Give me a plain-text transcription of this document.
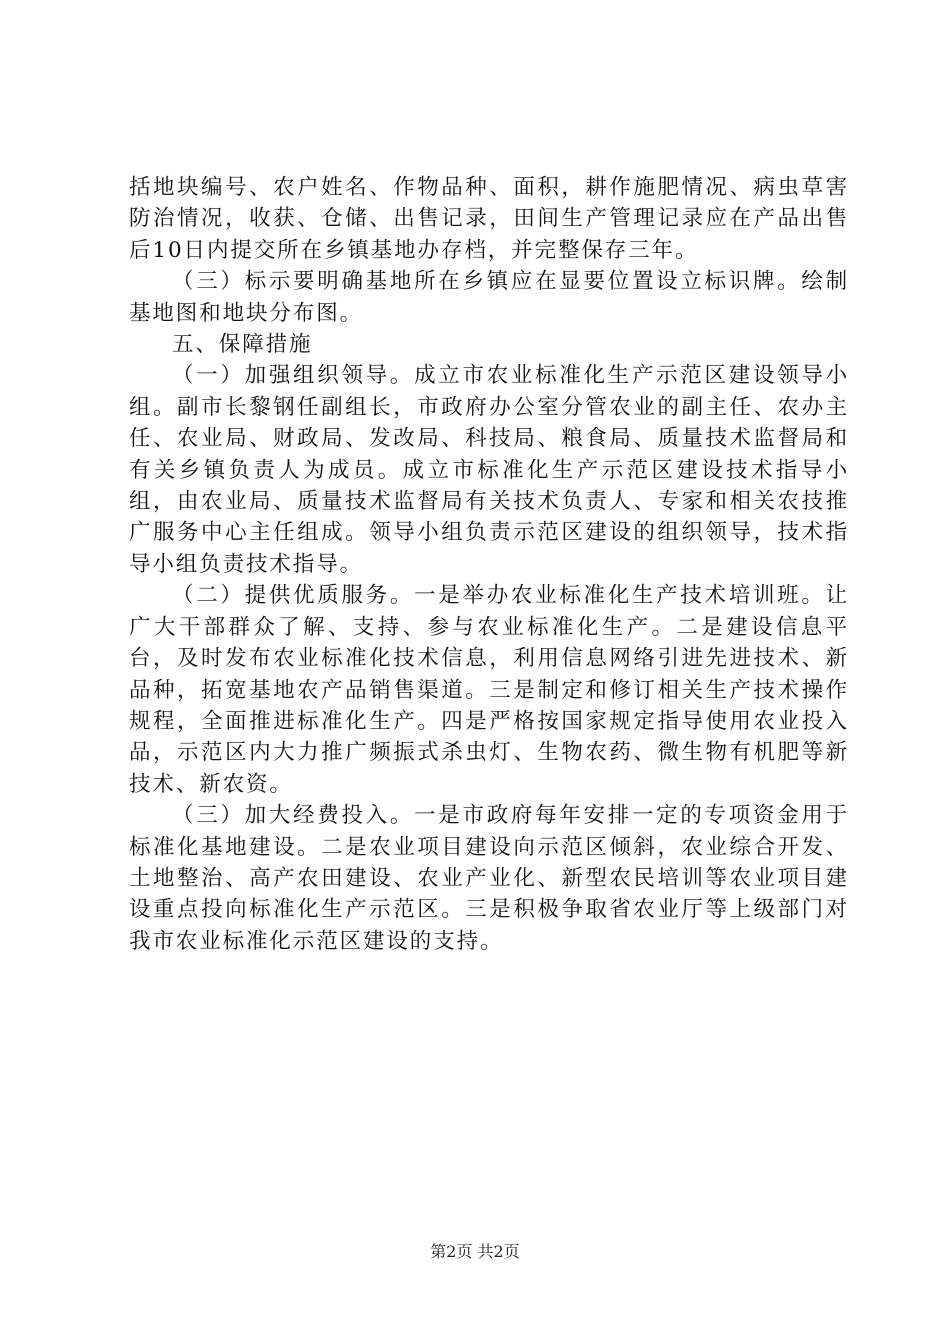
括地块编号、农户姓名、作物品种、面积，耕作施肥情况、病虫草害防治情况，收获、仓储、出售记录，田间生产管理记录应在产品出售后10日内提交所在乡镇基地办存档，并完整保存三年。

（三）标示要明确基地所在乡镇应在显要位置设立标识牌。绘制基地图和地块分布图。

五、保障措施

（一）加强组织领导。成立市农业标准化生产示范区建设领导小组。副市长黎钢任副组长，市政府办公室分管农业的副主任、农办主任、农业局、财政局、发改局、科技局、粮食局、质量技术监督局和有关乡镇负责人为成员。成立市标准化生产示范区建设技术指导小组，由农业局、质量技术监督局有关技术负责人、专家和相关农技推广服务中心主任组成。领导小组负责示范区建设的组织领导，技术指导小组负责技术指导。

（二）提供优质服务。一是举办农业标准化生产技术培训班。让广大干部群众了解、支持、参与农业标准化生产。二是建设信息平台，及时发布农业标准化技术信息，利用信息网络引进先进技术、新品种，拓宽基地农产品销售渠道。三是制定和修订相关生产技术操作规程，全面推进标准化生产。四是严格按国家规定指导使用农业投入品，示范区内大力推广频振式杀虫灯、生物农药、微生物有机肥等新技术、新农资。

（三）加大经费投入。一是市政府每年安排一定的专项资金用于标准化基地建设。二是农业项目建设向示范区倾斜，农业综合开发、土地整治、高产农田建设、农业产业化、新型农民培训等农业项目建设重点投向标准化生产示范区。三是积极争取省农业厅等上级部门对我市农业标准化示范区建设的支持。

第2页 共2页
